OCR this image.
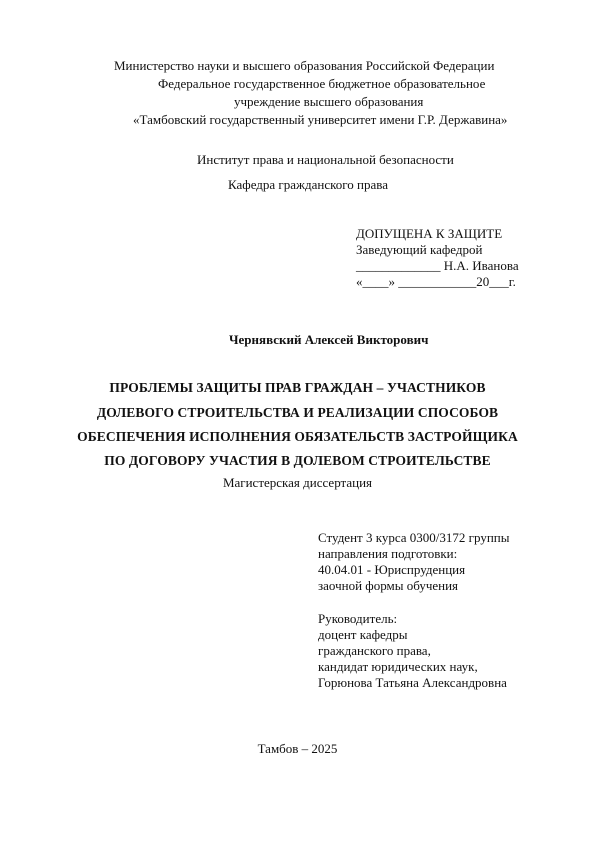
Министерство науки и высшего образования Российской Федерации
Федеральное государственное бюджетное образовательное
учреждение высшего образования
«Тамбовский государственный университет имени Г.Р. Державина»
Институт права и национальной безопасности
Кафедра гражданского права
ДОПУЩЕНА К ЗАЩИТЕ
Заведующий кафедрой
_____________ Н.А. Иванова
«____» ____________20___г.
Чернявский Алексей Викторович
ПРОБЛЕМЫ ЗАЩИТЫ ПРАВ ГРАЖДАН – УЧАСТНИКОВ
ДОЛЕВОГО СТРОИТЕЛЬСТВА И РЕАЛИЗАЦИИ СПОСОБОВ
ОБЕСПЕЧЕНИЯ ИСПОЛНЕНИЯ ОБЯЗАТЕЛЬСТВ ЗАСТРОЙЩИКА
ПО ДОГОВОРУ УЧАСТИЯ В ДОЛЕВОМ СТРОИТЕЛЬСТВЕ
Магистерская диссертация
Студент 3 курса 0300/3172 группы
направления подготовки:
40.04.01 - Юриспруденция
заочной формы обучения
Руководитель:
доцент кафедры
гражданского права,
кандидат юридических наук,
Горюнова Татьяна Александровна
Тамбов – 2025
